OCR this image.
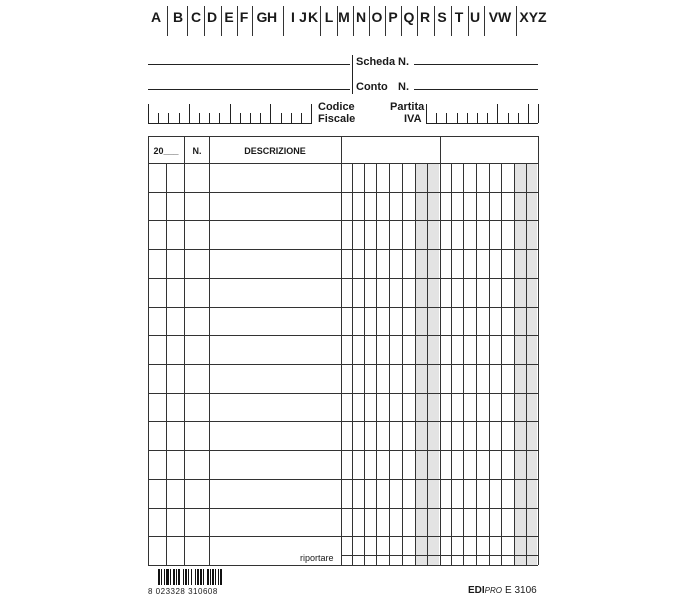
A B C D E F G H I J K L M N O P Q R S T U VW XYZ
Scheda N.
Conto N.
Codice
Fiscale
Partita
IVA
20___	N.	DESCRIZIONE
riportare
8 023328 310608	EDIPRO E 3106
